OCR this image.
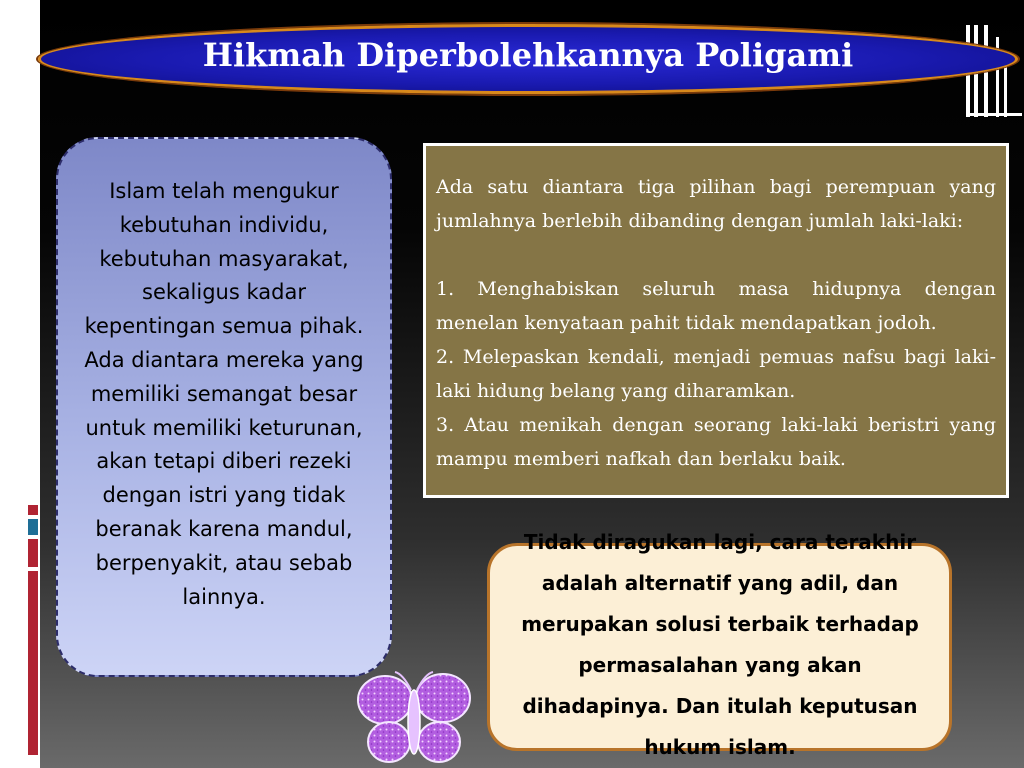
Hikmah Diperbolehkannya Poligami
Islam telah mengukur kebutuhan individu, kebutuhan masyarakat, sekaligus kadar kepentingan semua pihak. Ada diantara mereka yang memiliki semangat besar untuk memiliki keturunan, akan tetapi diberi rezeki dengan istri yang tidak beranak karena mandul, berpenyakit, atau sebab lainnya.

Ada satu diantara tiga pilihan bagi perempuan yang jumlahnya berlebih dibanding dengan jumlah laki-laki:

1. Menghabiskan seluruh masa hidupnya dengan menelan kenyataan pahit tidak mendapatkan jodoh.

2. Melepaskan kendali, menjadi pemuas nafsu bagi laki-laki hidung belang yang diharamkan.

3. Atau menikah dengan seorang laki-laki beristri yang mampu memberi nafkah dan berlaku baik.

Tidak diragukan lagi, cara terakhir adalah alternatif yang adil, dan merupakan solusi terbaik terhadap permasalahan yang akan dihadapinya. Dan itulah keputusan hukum islam.
